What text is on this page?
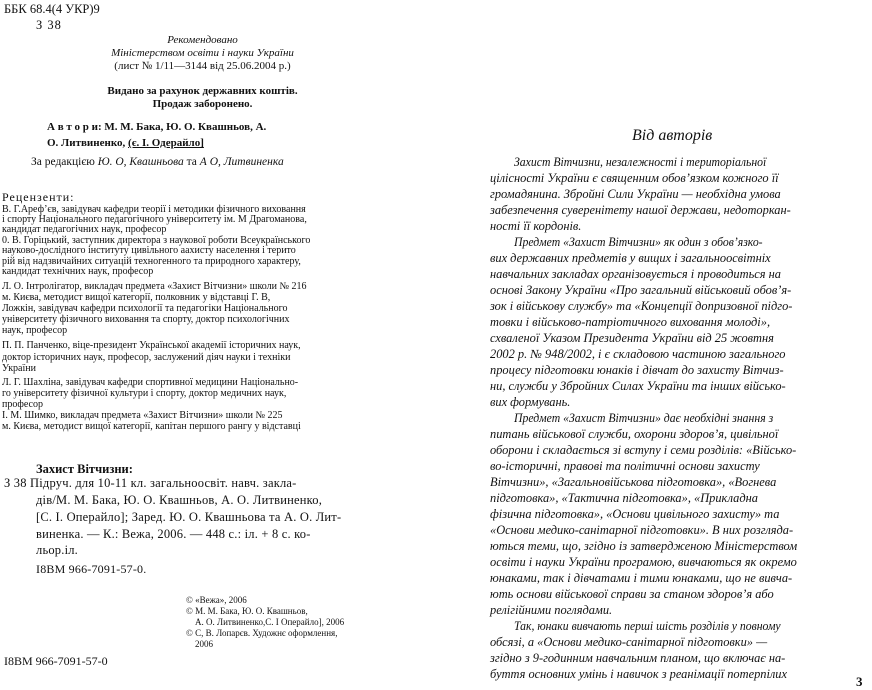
ББК 68.4(4 УКР)9
З 38
Рекомендовано
Міністерством освіти і науки України
(лист № 1/11—3144 від 25.06.2004 р.)
Видано за рахунок державних коштів.
Продаж заборонено.
А в т о р и: М. М. Бака, Ю. О. Квашньов, А.
О. Литвиненко, (є. І. Одерайло]
За редакцією Ю. О, Квашньова та А О, Литвиненка
Рецензенти:
В. Г.Арефʼєв, завідувач кафедри теорії і методики фізичного виховання
і спорту Національного педагогічного університету ім. М Драгоманова,
кандидат педагогічних наук, професор
0. В. Горіцький, заступник директора з наукової роботи Всеукраїнського
науково-дослідного інституту цивільного аахисту населення і терито
рій від надзвичайних ситуацій техногенного та природного характеру,
кандидат технічних наук, професор
Л. О. Інтролігатор, викладач предмета «Захист Вітчизни» школи № 216
м. Києва, методист вищої категорії, полковник у відставці Г. В,
Ложкін, завідувач кафедри психології та педагогіки Національного
університету фізичного виховання та спорту, доктор психологічних
наук, професор
П. П. Панченко, віце-президент Української академії історичних наук,
доктор історичних наук, професор, заслужений діяч науки і техніки
України
Л. Г. Шахліна, завідувач кафедри спортивної медицини Національно-
го університету фізичної культури і спорту, доктор медичних наук,
професор
І. М. Шимко, викладач предмета «Захист Вітчизни» школи № 225
м. Києва, методист вищої категорії, капітан першого рангу у відставці
Захист Вітчизни:
З 38 Підруч. для 10-11 кл. загальноосвіт. навч. закла-
дів/М. М. Бака, Ю. О. Квашньов, А. О. Литвиненко,
[С. І. Операйло]; Заред. Ю. О. Квашньова та А. О. Лит-
виненка. — К.: Вежа, 2006. — 448 с.: іл. + 8 с. ко-
льор.іл.
І8ВМ 966-7091-57-0.
© «Вежа», 2006
© М. М. Бака, Ю. О. Квашньов,
А. О. Литвиненко,С. І Операйло], 2006
© С, В. Лопарєв. Художнє оформлення,
2006
I8BM 966-7091-57-0
Від авторів
Захист Вітчизни, незалежності і територіальної
цілісності України є священним обовʼязком кожного її
громадянина. Збройні Сили України — необхідна умова
забезпечення суверенітету нашої держави, недоторкан-
ності її кордонів.
Предмет «Захист Вітчизни» як один з обовʼязко-
вих державних предметів у вищих і загальноосвітніх
навчальних закладах організовується і проводиться на
основі Закону України «Про загальний військовий обовʼя-
зок і військову службу» та «Концепції допризовної підго-
товки і військово-патріотичного виховання молоді»,
схваленої Указом Президента України від 25 жовтня
2002 р. № 948/2002, і є складовою частиною загального
процесу підготовки юнаків і дівчат до захисту Вітчиз-
ни, служби у Збройних Силах України та інших військо-
вих формувань.
Предмет «Захист Вітчизни» дає необхідні знання з
питань військової служби, охорони здоровʼя, цивільної
оборони і складається зі вступу і семи розділів: «Військо-
во-історичні, правові та політичні основи захисту
Вітчизни», «Загальновійськова підготовка», «Вогнева
підготовка», «Тактична підготовка», «Прикладна
фізична підготовка», «Основи цивільного захисту» та
«Основи медико-санітарної підготовки». В них розгляда-
ються теми, що, згідно із затвердженою Міністерством
освіти і науки України програмою, вивчаються як окремо
юнаками, так і дівчатами і тими юнаками, що не вивча-
ють основи військової справи за станом здоровʼя або
релігійними поглядами.
Так, юнаки вивчають перші шість розділів у повному
обсязі, а «Основи медико-санітарної підготовки» —
згідно з 9-годинним навчальним планом, що включає на-
буття основних умінь і навичок з реанімації потерпілих	3
